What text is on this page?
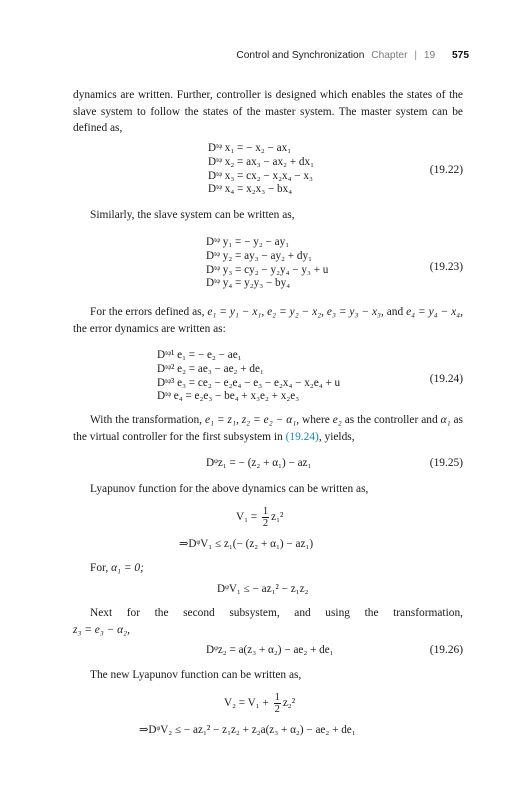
Control and Synchronization Chapter | 19 575
dynamics are written. Further, controller is designed which enables the states of the slave system to follow the states of the master system. The master system can be defined as,
Dᵗᵠ x₁ = − x₂ − ax₁
Dᵗᵠ x₂ = ax₃ − ax₂ + dx₁
Dᵗᵠ x₃ = cx₂ − x₂x₄ − x₃
Dᵗᵠ x₄ = x₂x₃ − bx₄
(19.22)
Similarly, the slave system can be written as,
Dᵗᵠ y₁ = − y₂ − ay₁
Dᵗᵠ y₂ = ay₃ − ay₂ + dy₁
Dᵗᵠ y₃ = cy₂ − y₂y₄ − y₃ + u
Dᵗᵠ y₄ = y₂y₃ − by₄
(19.23)
For the errors defined as, e₁ = y₁ − x₁, e₂ = y₂ − x₂, e₃ = y₃ − x₃, and e₄ = y₄ − x₄, the error dynamics are written as:
Dᵗᵠ¹ e₁ = − e₂ − ae₁
Dᵗᵠ² e₂ = ae₃ − ae₂ + de₁
Dᵗᵠ³ e₃ = ce₂ − e₂e₄ − e₃ − e₂x₄ − x₂e₄ + u
Dᵗᵠ e₄ = e₂e₃ − be₄ + x₃e₂ + x₂e₃
(19.24)
With the transformation, e₁ = z₁, z₂ = e₂ − α₁, where e₂ as the controller and α₁ as the virtual controller for the first subsystem in (19.24), yields,
Dᵠz₁ = − (z₂ + α₁) − az₁	(19.25)
Lyapunov function for the above dynamics can be written as,
$V_1 = \frac{1}{2} z_1^2$
⇒DᵠV₁ ≤ z₁(− (z₂ + α₁) − az₁)
For, α₁ = 0;
DᵠV₁ ≤ − az₁² − z₁z₂
Next for the second subsystem, and using the transformation,
z₃ = e₃ − α₂,
Dᵠz₂ = a(z₃ + α₂) − ae₂ + de₁	(19.26)
The new Lyapunov function can be written as,
$V_2 = V_1 + \frac{1}{2} z_2^2$
⇒DᵠV₂ ≤ − az₁² − z₁z₂ + z₂a(z₃ + α₂) − ae₂ + de₁
